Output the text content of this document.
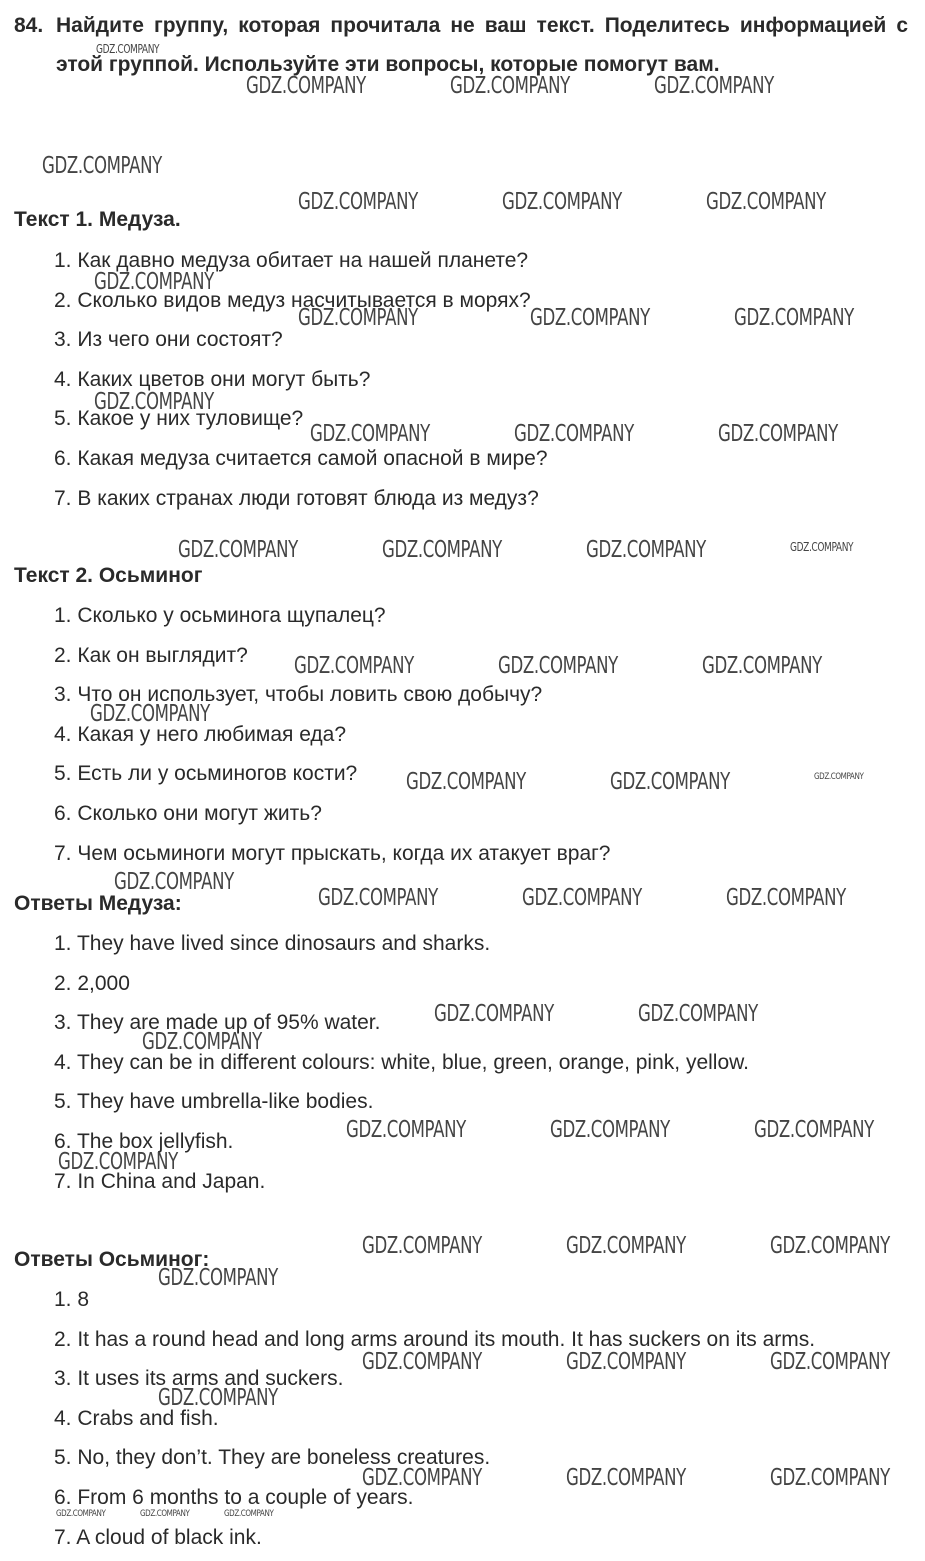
84. Найдите группу, которая прочитала не ваш текст. Поделитесь информацией с этой группой. Используйте эти вопросы, которые помогут вам.
Текст 1. Медуза.
1. Как давно медуза обитает на нашей планете?
2. Сколько видов медуз насчитывается в морях?
3. Из чего они состоят?
4. Каких цветов они могут быть?
5. Какое у них туловище?
6. Какая медуза считается самой опасной в мире?
7. В каких странах люди готовят блюда из медуз?
Текст 2. Осьминог
1. Сколько у осьминога щупалец?
2. Как он выглядит?
3. Что он использует, чтобы ловить свою добычу?
4. Какая у него любимая еда?
5. Есть ли у осьминогов кости?
6. Сколько они могут жить?
7. Чем осьминоги могут прыскать, когда их атакует враг?
Ответы Медуза:
1. They have lived since dinosaurs and sharks.
2. 2,000
3. They are made up of 95% water.
4. They can be in different colours: white, blue, green, orange, pink, yellow.
5. They have umbrella-like bodies.
6. The box jellyfish.
7. In China and Japan.
Ответы Осьминог:
1. 8
2. It has a round head and long arms around its mouth. It has suckers on its arms.
3. It uses its arms and suckers.
4. Crabs and fish.
5. No, they don’t. They are boneless creatures.
6. From 6 months to a couple of years.
7. A cloud of black ink.
GDZ.COMPANY
GDZ.COMPANY	GDZ.COMPANY	GDZ.COMPANY
GDZ.COMPANY
GDZ.COMPANY	GDZ.COMPANY	GDZ.COMPANY
GDZ.COMPANY
GDZ.COMPANY	GDZ.COMPANY	GDZ.COMPANY
GDZ.COMPANY
GDZ.COMPANY	GDZ.COMPANY	GDZ.COMPANY
GDZ.COMPANY	GDZ.COMPANY	GDZ.COMPANY	GDZ.COMPANY
GDZ.COMPANY	GDZ.COMPANY	GDZ.COMPANY
GDZ.COMPANY
GDZ.COMPANY	GDZ.COMPANY	GDZ.COMPANY
GDZ.COMPANY
GDZ.COMPANY	GDZ.COMPANY	GDZ.COMPANY
GDZ.COMPANY	GDZ.COMPANY
GDZ.COMPANY
GDZ.COMPANY	GDZ.COMPANY	GDZ.COMPANY
GDZ.COMPANY
GDZ.COMPANY	GDZ.COMPANY	GDZ.COMPANY
GDZ.COMPANY
GDZ.COMPANY	GDZ.COMPANY	GDZ.COMPANY
GDZ.COMPANY
GDZ.COMPANY	GDZ.COMPANY	GDZ.COMPANY
GDZ.COMPANY	GDZ.COMPANY	GDZ.COMPANY
